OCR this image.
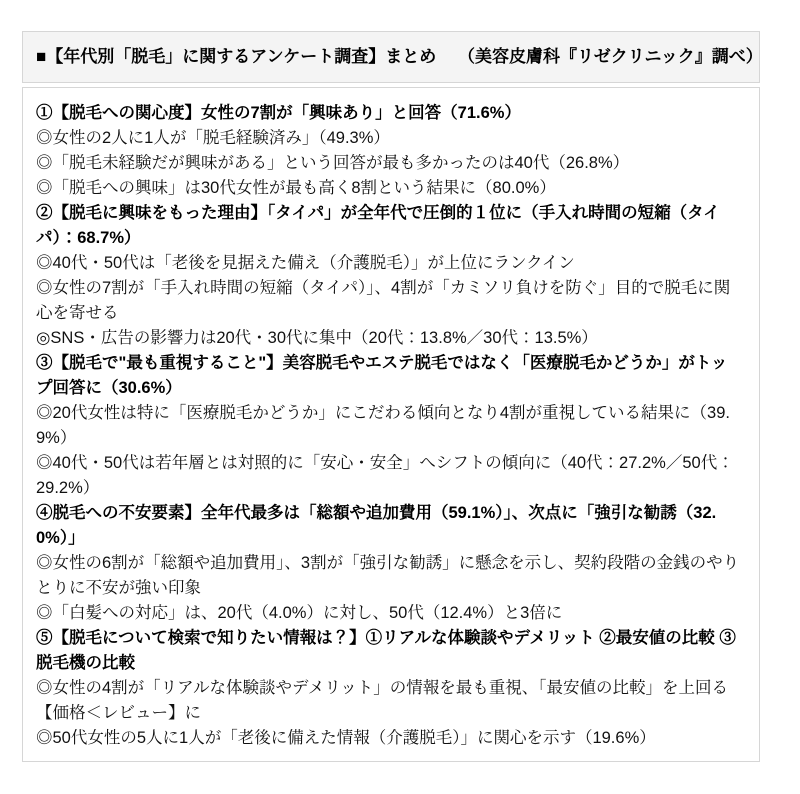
■【年代別「脱毛」に関するアンケート調査】まとめ　 （美容皮膚科『リゼクリニック』調べ）

①【脱毛への関心度】女性の7割が「興味あり」と回答（71.6%）

◎女性の2人に1人が「脱毛経験済み」（49.3%）

◎「脱毛未経験だが興味がある」という回答が最も多かったのは40代（26.8%）

◎「脱毛への興味」は30代女性が最も高く8割という結果に（80.0%）

②【脱毛に興味をもった理由】「タイパ」が全年代で圧倒的１位に（手入れ時間の短縮（タイパ）：68.7%）

◎40代・50代は「老後を見据えた備え（介護脱毛）」が上位にランクイン

◎女性の7割が「手入れ時間の短縮（タイパ）」、4割が「カミソリ負けを防ぐ」目的で脱毛に関心を寄せる

◎SNS・広告の影響力は20代・30代に集中（20代：13.8%／30代：13.5%）

③【脱毛で"最も重視すること"】美容脱毛やエステ脱毛ではなく「医療脱毛かどうか」がトップ回答に（30.6%）

◎20代女性は特に「医療脱毛かどうか」にこだわる傾向となり4割が重視している結果に（39.9%）

◎40代・50代は若年層とは対照的に「安心・安全」へシフトの傾向に（40代：27.2%／50代：29.2%）

④脱毛への不安要素】全年代最多は「総額や追加費用（59.1%）」、次点に「強引な勧誘（32.0%）」

◎女性の6割が「総額や追加費用」、3割が「強引な勧誘」に懸念を示し、契約段階の金銭のやりとりに不安が強い印象

◎「白髪への対応」は、20代（4.0%）に対し、50代（12.4%）と3倍に

⑤【脱毛について検索で知りたい情報は？】①リアルな体験談やデメリット ②最安値の比較 ③脱毛機の比較

◎女性の4割が「リアルな体験談やデメリット」の情報を最も重視、「最安値の比較」を上回る【価格＜レビュー】に

◎50代女性の5人に1人が「老後に備えた情報（介護脱毛）」に関心を示す（19.6%）
